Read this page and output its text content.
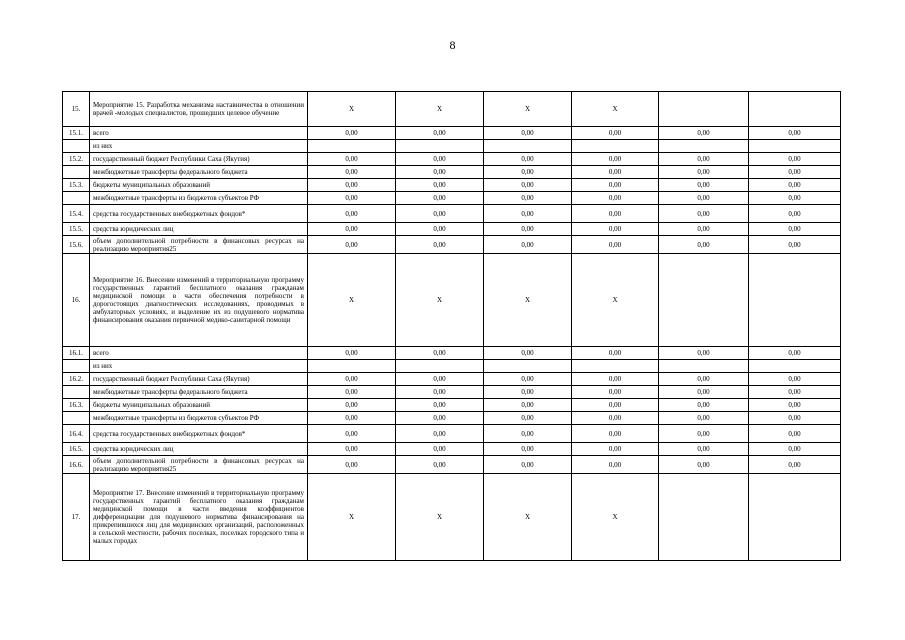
8
15.	Мероприятие 15. Разработка механизма наставничества в отношении врачей -молодых специалистов, прошедших целевое обучение	X	X	X	X		
15.1.	всего	0,00	0,00	0,00	0,00	0,00	0,00
	из них						
15.2.	государственный бюджет Республики Саха (Якутия)	0,00	0,00	0,00	0,00	0,00	0,00
	межбюджетные трансферты федерального бюджета	0,00	0,00	0,00	0,00	0,00	0,00
15.3.	бюджеты муниципальных образований	0,00	0,00	0,00	0,00	0,00	0,00
	межбюджетные трансферты из бюджетов субъектов РФ	0,00	0,00	0,00	0,00	0,00	0,00
15.4.	средства государственных внебюджетных фондов*	0,00	0,00	0,00	0,00	0,00	0,00
15.5.	средства юридических лиц	0,00	0,00	0,00	0,00	0,00	0,00
15.6.	объем дополнительной потребности в финансовых ресурсах на реализацию мероприятия25	0,00	0,00	0,00	0,00	0,00	0,00
16.	Мероприятие 16. Внесение изменений в территориальную программу государственных гарантий бесплатного оказания гражданам медицинской помощи в части обеспечения потребности в дорогостоящих диагностических исследованиях, проводимых в амбулаторных условиях, и выделение их из подушевого норматива финансирования оказания первичной медико-санитарной помощи	X	X	X	X		
16.1.	всего	0,00	0,00	0,00	0,00	0,00	0,00
	из них						
16.2.	государственный бюджет Республики Саха (Якутия)	0,00	0,00	0,00	0,00	0,00	0,00
	межбюджетные трансферты федерального бюджета	0,00	0,00	0,00	0,00	0,00	0,00
16.3.	бюджеты муниципальных образований	0,00	0,00	0,00	0,00	0,00	0,00
	межбюджетные трансферты из бюджетов субъектов РФ	0,00	0,00	0,00	0,00	0,00	0,00
16.4.	средства государственных внебюджетных фондов*	0,00	0,00	0,00	0,00	0,00	0,00
16.5.	средства юридических лиц	0,00	0,00	0,00	0,00	0,00	0,00
16.6.	объем дополнительной потребности в финансовых ресурсах на реализацию мероприятия25	0,00	0,00	0,00	0,00	0,00	0,00
17.	Мероприятие 17. Внесение изменений в территориальную программу государственных гарантий бесплатного оказания гражданам медицинской помощи в части введения коэффициентов дифференциации для подушевого норматива финансирования на прикрепившихся лиц для медицинских организаций, расположенных в сельской местности, рабочих поселках, поселках городского типа и малых городах	X	X	X	X		
